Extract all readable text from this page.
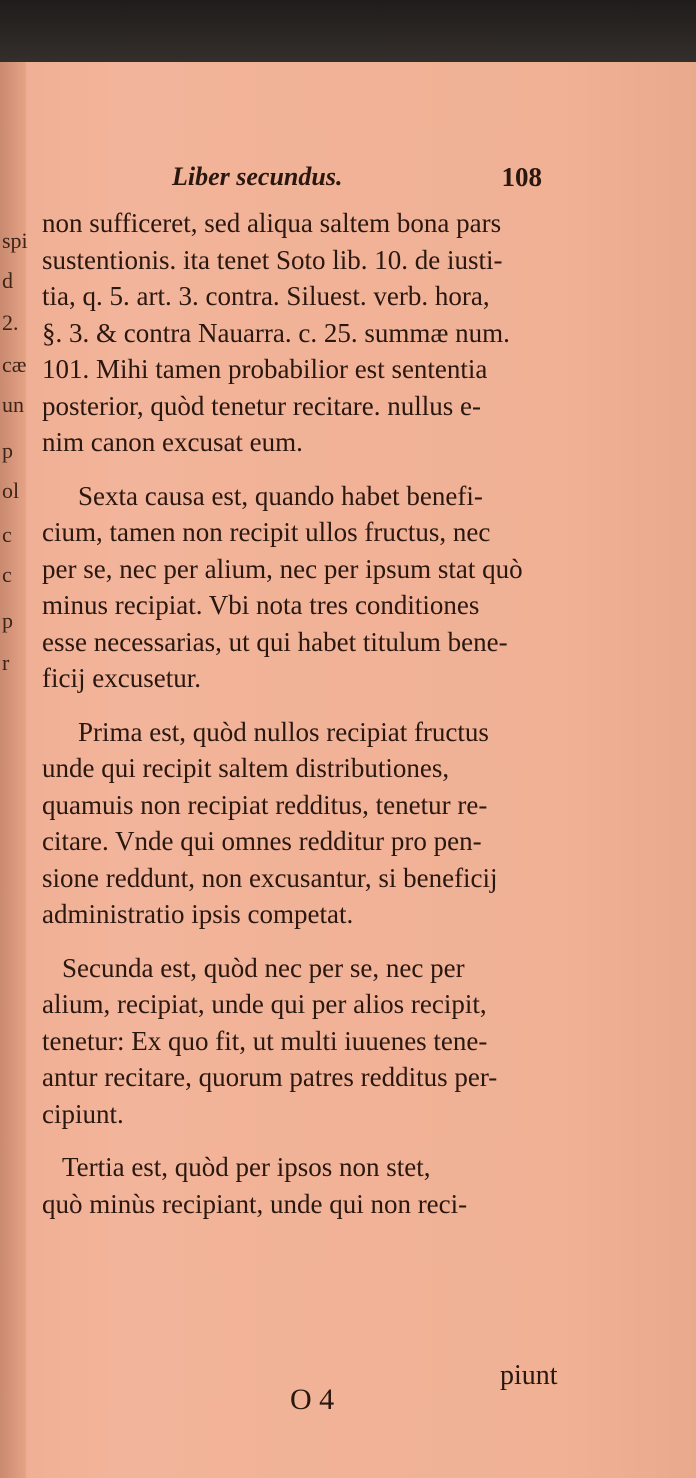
spi
d
2.
cæ
un
p
ol
c
c
p
r
Liber secundus.	108
non sufficeret, sed aliqua saltem bona pars
sustentionis. ita tenet Soto lib. 10. de iusti-
tia, q. 5. art. 3. contra. Siluest. verb. hora,
§. 3. & contra Nauarra. c. 25. summæ num.
101. Mihi tamen probabilior est sententia
posterior, quòd tenetur recitare. nullus e-
nim canon excusat eum.
Sexta causa est, quando habet benefi-
cium, tamen non recipit ullos fructus, nec
per se, nec per alium, nec per ipsum stat quò
minus recipiat. Vbi nota tres conditiones
esse necessarias, ut qui habet titulum bene-
ficij excusetur.
Prima est, quòd nullos recipiat fructus
unde qui recipit saltem distributiones,
quamuis non recipiat redditus, tenetur re-
citare. Vnde qui omnes redditur pro pen-
sione reddunt, non excusantur, si beneficij
administratio ipsis competat.
Secunda est, quòd nec per se, nec per
alium, recipiat, unde qui per alios recipit,
tenetur: Ex quo fit, ut multi iuuenes tene-
antur recitare, quorum patres redditus per-
cipiunt.
Tertia est, quòd per ipsos non stet,
quò minùs recipiant, unde qui non reci-
O 4
piunt
